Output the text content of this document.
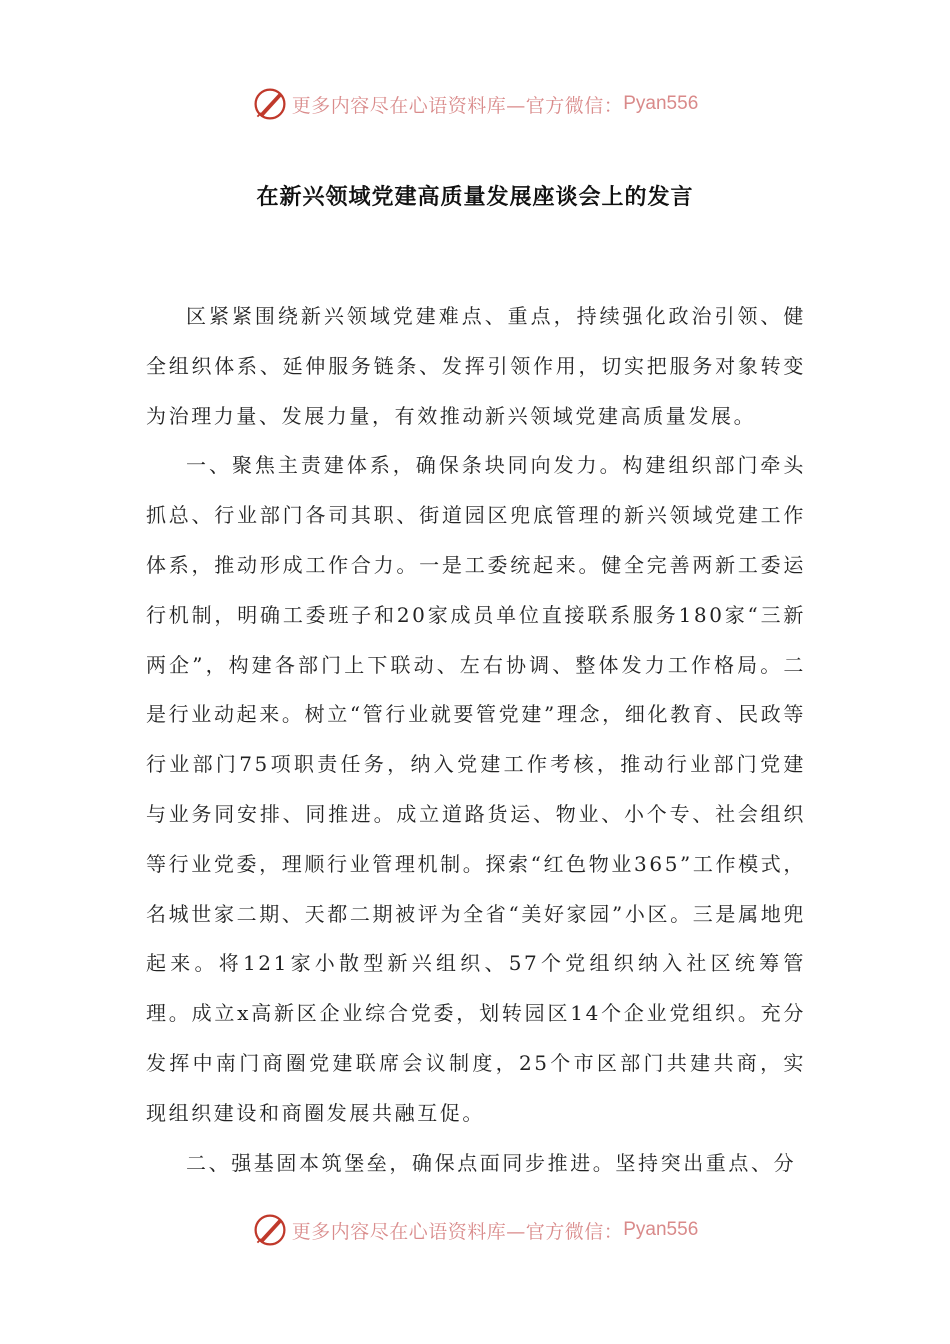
更多内容尽在心语资料库—官方微信： Pyan556
在新兴领域党建高质量发展座谈会上的发言

区紧紧围绕新兴领域党建难点、重点，持续强化政治引领、健全组织体系、延伸服务链条、发挥引领作用，切实把服务对象转变为治理力量、发展力量，有效推动新兴领域党建高质量发展。

一、聚焦主责建体系，确保条块同向发力。构建组织部门牵头抓总、行业部门各司其职、街道园区兜底管理的新兴领域党建工作体系，推动形成工作合力。一是工委统起来。健全完善两新工委运行机制，明确工委班子和20家成员单位直接联系服务180家“三新两企”，构建各部门上下联动、左右协调、整体发力工作格局。二是行业动起来。树立“管行业就要管党建”理念，细化教育、民政等行业部门75项职责任务，纳入党建工作考核，推动行业部门党建与业务同安排、同推进。成立道路货运、物业、小个专、社会组织等行业党委，理顺行业管理机制。探索“红色物业365”工作模式，名城世家二期、天都二期被评为全省“美好家园”小区。三是属地兜起来。将121家小散型新兴组织、57个党组织纳入社区统筹管理。成立x高新区企业综合党委，划转园区14个企业党组织。充分发挥中南门商圈党建联席会议制度，25个市区部门共建共商，实现组织建设和商圈发展共融互促。

二、强基固本筑堡垒，确保点面同步推进。坚持突出重点、分

更多内容尽在心语资料库—官方微信： Pyan556
